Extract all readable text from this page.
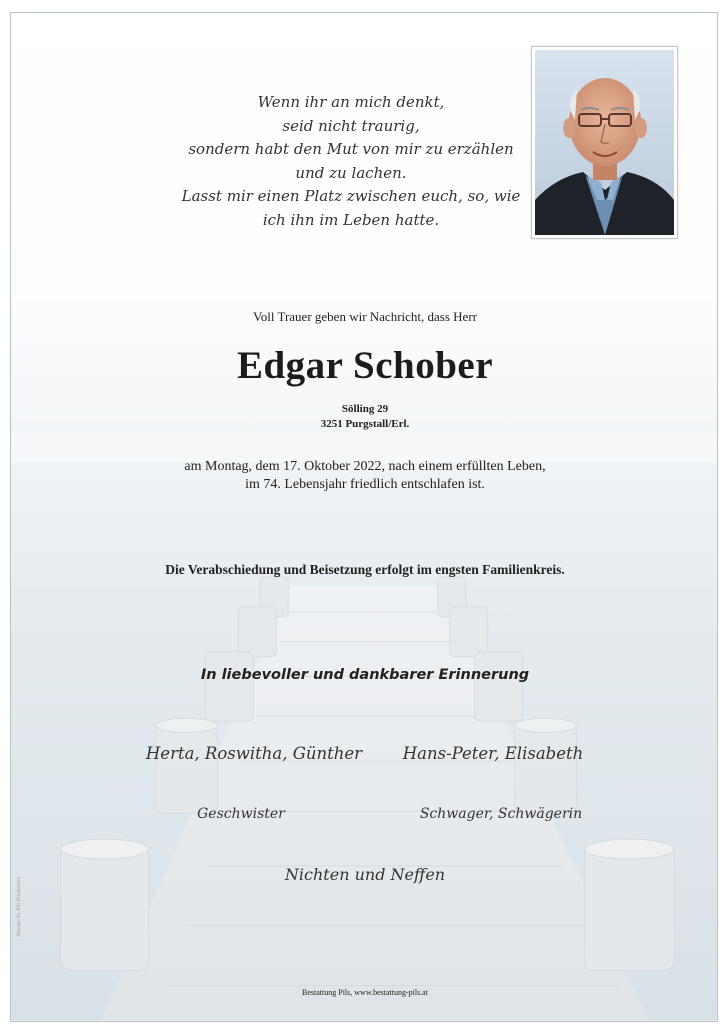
Wenn ihr an mich denkt,
seid nicht traurig,
sondern habt den Mut von mir zu erzählen
und zu lachen.
Lasst mir einen Platz zwischen euch, so, wie
ich ihn im Leben hatte.
Voll Trauer geben wir Nachricht, dass Herr
Edgar Schober
Sölling 29
3251 Purgstall/Erl.
am Montag, dem 17. Oktober 2022, nach einem erfüllten Leben,
im 74. Lebensjahr friedlich entschlafen ist.
Die Verabschiedung und Beisetzung erfolgt im engsten Familienkreis.
In liebevoller und dankbarer Erinnerung
Herta, Roswitha, Günther	Hans-Peter, Elisabeth
Geschwister	Schwager, Schwägerin
Nichten und Neffen
Bestattung Pils, www.bestattung-pils.at
Anzeige: Fa. Pils Drucksorten
